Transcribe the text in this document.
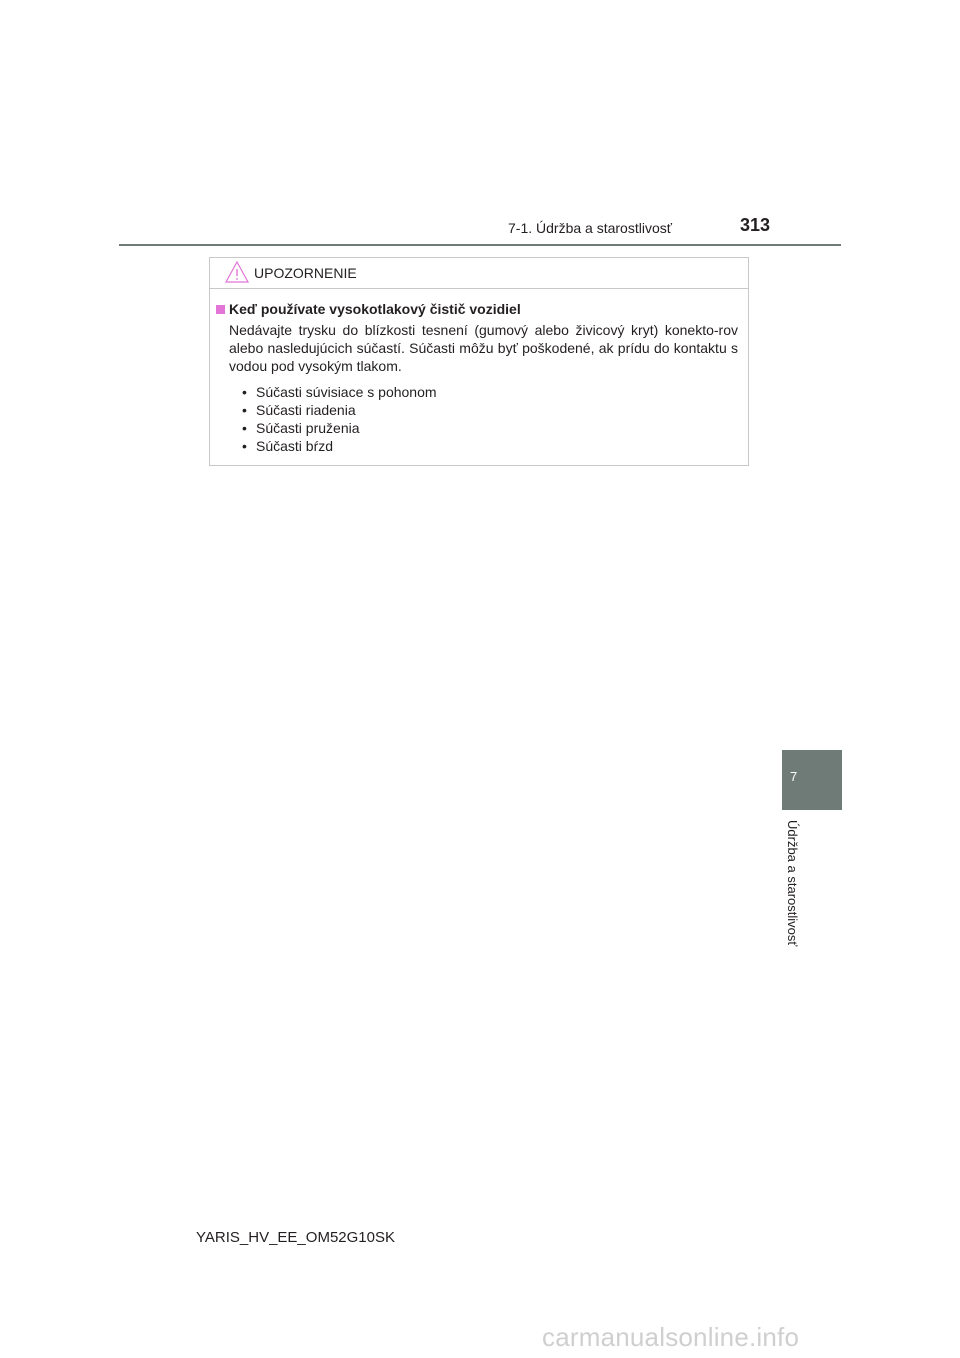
7-1. Údržba a starostlivosť	313
7
Údržba a starostlivosť
UPOZORNENIE
Keď používate vysokotlakový čistič vozidiel

Nedávajte trysku do blízkosti tesnení (gumový alebo živicový kryt) konekto-rov alebo nasledujúcich súčastí. Súčasti môžu byť poškodené, ak prídu do kontaktu s vodou pod vysokým tlakom.

• Súčasti súvisiace s pohonom
• Súčasti riadenia
• Súčasti pruženia
• Súčasti bŕzd
YARIS_HV_EE_OM52G10SK
carmanualsonline.info
